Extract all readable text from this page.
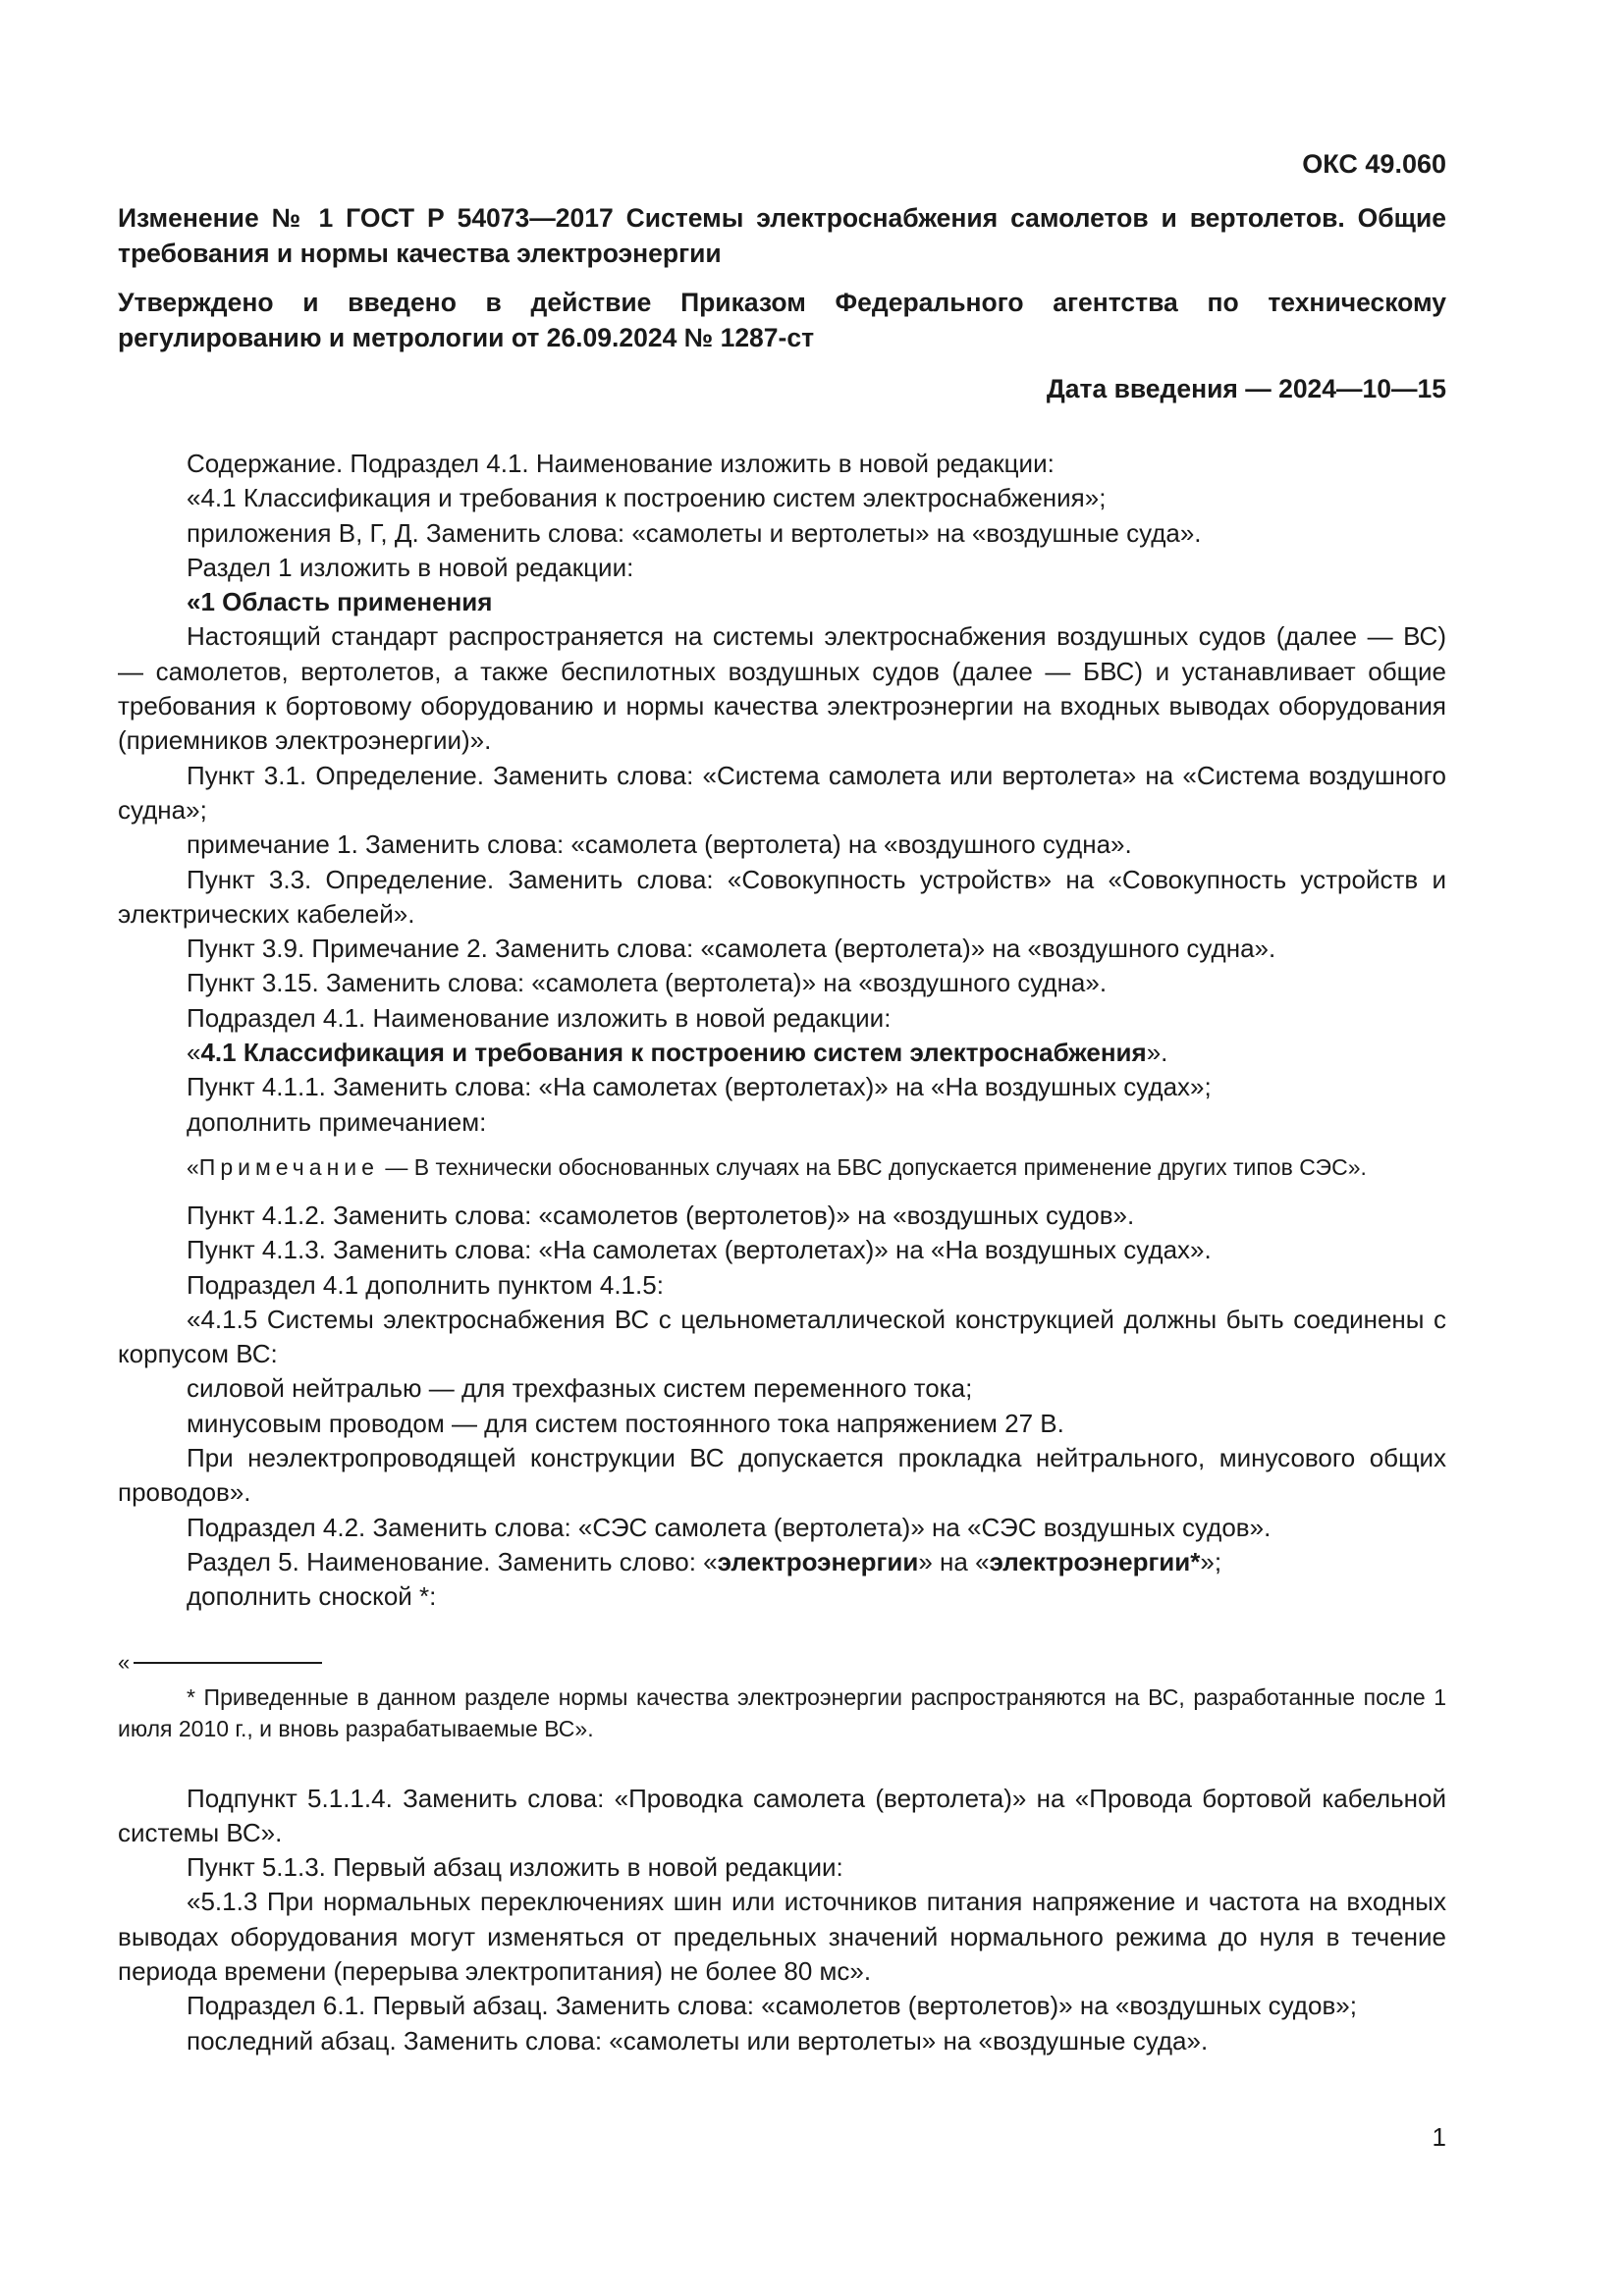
ОКС 49.060
Изменение № 1 ГОСТ Р 54073—2017 Системы электроснабжения самолетов и вертолетов. Общие требования и нормы качества электроэнергии
Утверждено и введено в действие Приказом Федерального агентства по техническому регулированию и метрологии от 26.09.2024 № 1287-ст
Дата введения — 2024—10—15

Содержание. Подраздел 4.1. Наименование изложить в новой редакции:

«4.1 Классификация и требования к построению систем электроснабжения»;

приложения В, Г, Д. Заменить слова: «самолеты и вертолеты» на «воздушные суда».

Раздел 1 изложить в новой редакции:

«1 Область применения

Настоящий стандарт распространяется на системы электроснабжения воздушных судов (далее — ВС) — самолетов, вертолетов, а также беспилотных воздушных судов (далее — БВС) и устанавливает общие требования к бортовому оборудованию и нормы качества электроэнергии на входных выводах оборудования (приемников электроэнергии)».

Пункт 3.1. Определение. Заменить слова: «Система самолета или вертолета» на «Система воздушного судна»;

примечание 1. Заменить слова: «самолета (вертолета) на «воздушного судна».

Пункт 3.3. Определение. Заменить слова: «Совокупность устройств» на «Совокупность устройств и электрических кабелей».

Пункт 3.9. Примечание 2. Заменить слова: «самолета (вертолета)» на «воздушного судна».

Пункт 3.15. Заменить слова: «самолета (вертолета)» на «воздушного судна».

Подраздел 4.1. Наименование изложить в новой редакции:

«4.1 Классификация и требования к построению систем электроснабжения».

Пункт 4.1.1. Заменить слова: «На самолетах (вертолетах)» на «На воздушных судах»;

дополнить примечанием:

«Примечание — В технически обоснованных случаях на БВС допускается применение других типов СЭС».

Пункт 4.1.2. Заменить слова: «самолетов (вертолетов)» на «воздушных судов».

Пункт 4.1.3. Заменить слова: «На самолетах (вертолетах)» на «На воздушных судах».

Подраздел 4.1 дополнить пунктом 4.1.5:

«4.1.5 Системы электроснабжения ВС с цельнометаллической конструкцией должны быть соединены с корпусом ВС:

силовой нейтралью — для трехфазных систем переменного тока;

минусовым проводом — для систем постоянного тока напряжением 27 В.

При неэлектропроводящей конструкции ВС допускается прокладка нейтрального, минусового общих проводов».

Подраздел 4.2. Заменить слова: «СЭС самолета (вертолета)» на «СЭС воздушных судов».

Раздел 5. Наименование. Заменить слово: «электроэнергии» на «электроэнергии*»;

дополнить сноской *:

«

* Приведенные в данном разделе нормы качества электроэнергии распространяются на ВС, разработанные после 1 июля 2010 г., и вновь разрабатываемые ВС».

Подпункт 5.1.1.4. Заменить слова: «Проводка самолета (вертолета)» на «Провода бортовой кабельной системы ВС».

Пункт 5.1.3. Первый абзац изложить в новой редакции:

«5.1.3 При нормальных переключениях шин или источников питания напряжение и частота на входных выводах оборудования могут изменяться от предельных значений нормального режима до нуля в течение периода времени (перерыва электропитания) не более 80 мс».

Подраздел 6.1. Первый абзац. Заменить слова: «самолетов (вертолетов)» на «воздушных судов»;

последний абзац. Заменить слова: «самолеты или вертолеты» на «воздушные суда».

1
